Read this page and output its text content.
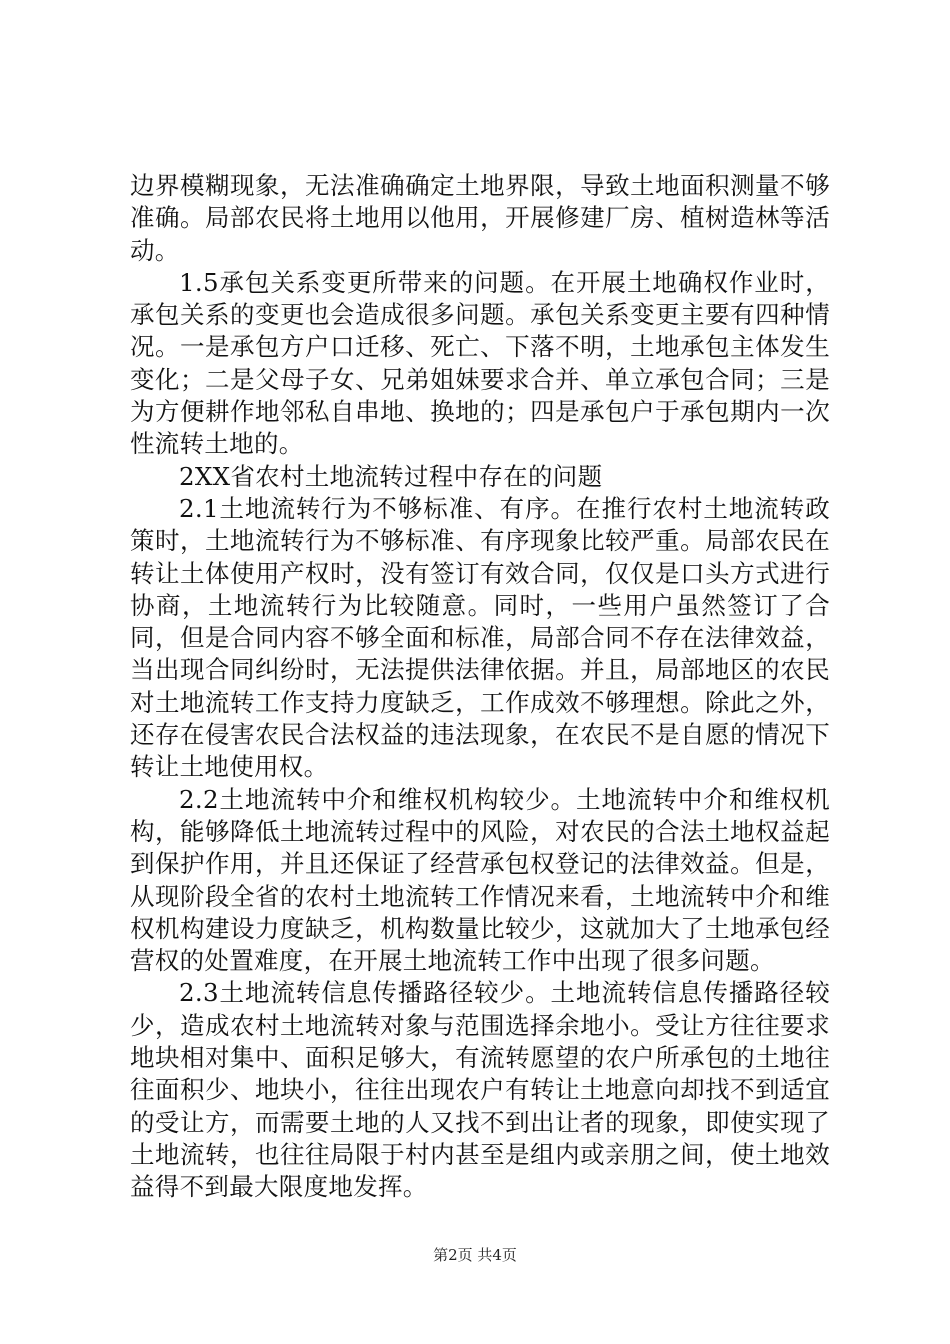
边界模糊现象，无法准确确定土地界限，导致土地面积测量不够准确。局部农民将土地用以他用，开展修建厂房、植树造林等活动。

1.5承包关系变更所带来的问题。在开展土地确权作业时，承包关系的变更也会造成很多问题。承包关系变更主要有四种情况。一是承包方户口迁移、死亡、下落不明，土地承包主体发生变化；二是父母子女、兄弟姐妹要求合并、单立承包合同；三是为方便耕作地邻私自串地、换地的；四是承包户于承包期内一次性流转土地的。

2XX省农村土地流转过程中存在的问题

2.1土地流转行为不够标准、有序。在推行农村土地流转政策时，土地流转行为不够标准、有序现象比较严重。局部农民在转让土体使用产权时，没有签订有效合同，仅仅是口头方式进行协商，土地流转行为比较随意。同时，一些用户虽然签订了合同，但是合同内容不够全面和标准，局部合同不存在法律效益，当出现合同纠纷时，无法提供法律依据。并且，局部地区的农民对土地流转工作支持力度缺乏，工作成效不够理想。除此之外，还存在侵害农民合法权益的违法现象，在农民不是自愿的情况下转让土地使用权。

2.2土地流转中介和维权机构较少。土地流转中介和维权机构，能够降低土地流转过程中的风险，对农民的合法土地权益起到保护作用，并且还保证了经营承包权登记的法律效益。但是，从现阶段全省的农村土地流转工作情况来看，土地流转中介和维权机构建设力度缺乏，机构数量比较少，这就加大了土地承包经营权的处置难度，在开展土地流转工作中出现了很多问题。

2.3土地流转信息传播路径较少。土地流转信息传播路径较少，造成农村土地流转对象与范围选择余地小。受让方往往要求地块相对集中、面积足够大，有流转愿望的农户所承包的土地往往面积少、地块小，往往出现农户有转让土地意向却找不到适宜的受让方，而需要土地的人又找不到出让者的现象，即使实现了土地流转，也往往局限于村内甚至是组内或亲朋之间，使土地效益得不到最大限度地发挥。

第2页 共4页
